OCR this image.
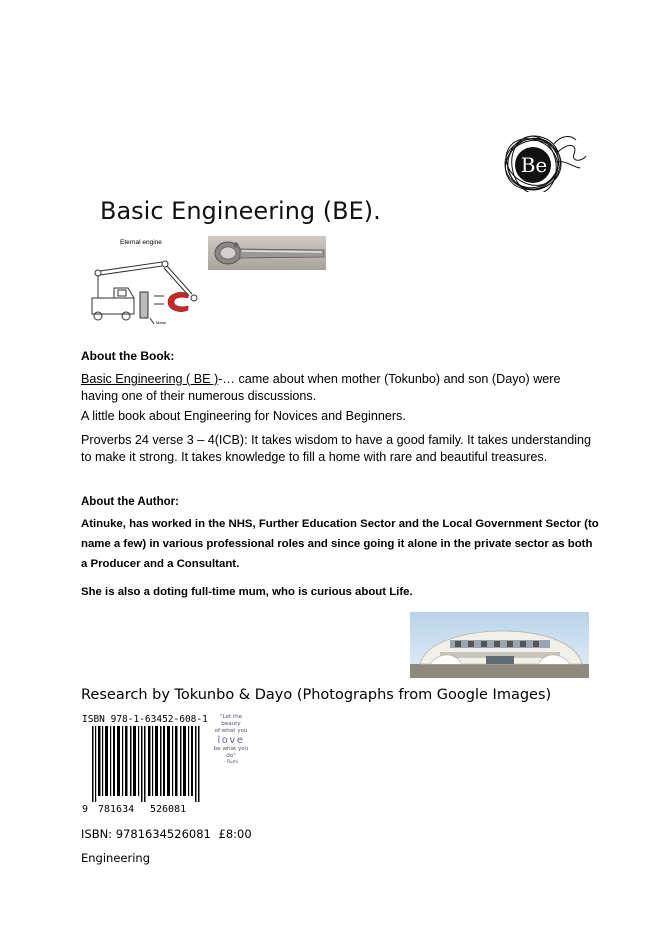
Be
Basic Engineering (BE).
Eternal engine
Metal
About the Book:
Basic Engineering ( BE )-… came about when mother (Tokunbo) and son (Dayo) were having one of their numerous discussions.
A little book about Engineering for Novices and Beginners.
Proverbs 24 verse 3 – 4(ICB): It takes wisdom to have a good family. It takes understanding to make it strong. It takes knowledge to fill a home with rare and beautiful treasures.
About the Author:
Atinuke, has worked in the NHS, Further Education Sector and the Local Government Sector (to name a few) in various professional roles and since going it alone in the private sector as both a Producer and a Consultant.
She is also a doting full-time mum, who is curious about Life.
Research by Tokunbo & Dayo (Photographs from Google Images)
ISBN 978-1-63452-608-1
9 781634 526081
"Let the beauty
of what you
love
be what you do"
- Rumi
ISBN: 9781634526081 £8:00
Engineering
